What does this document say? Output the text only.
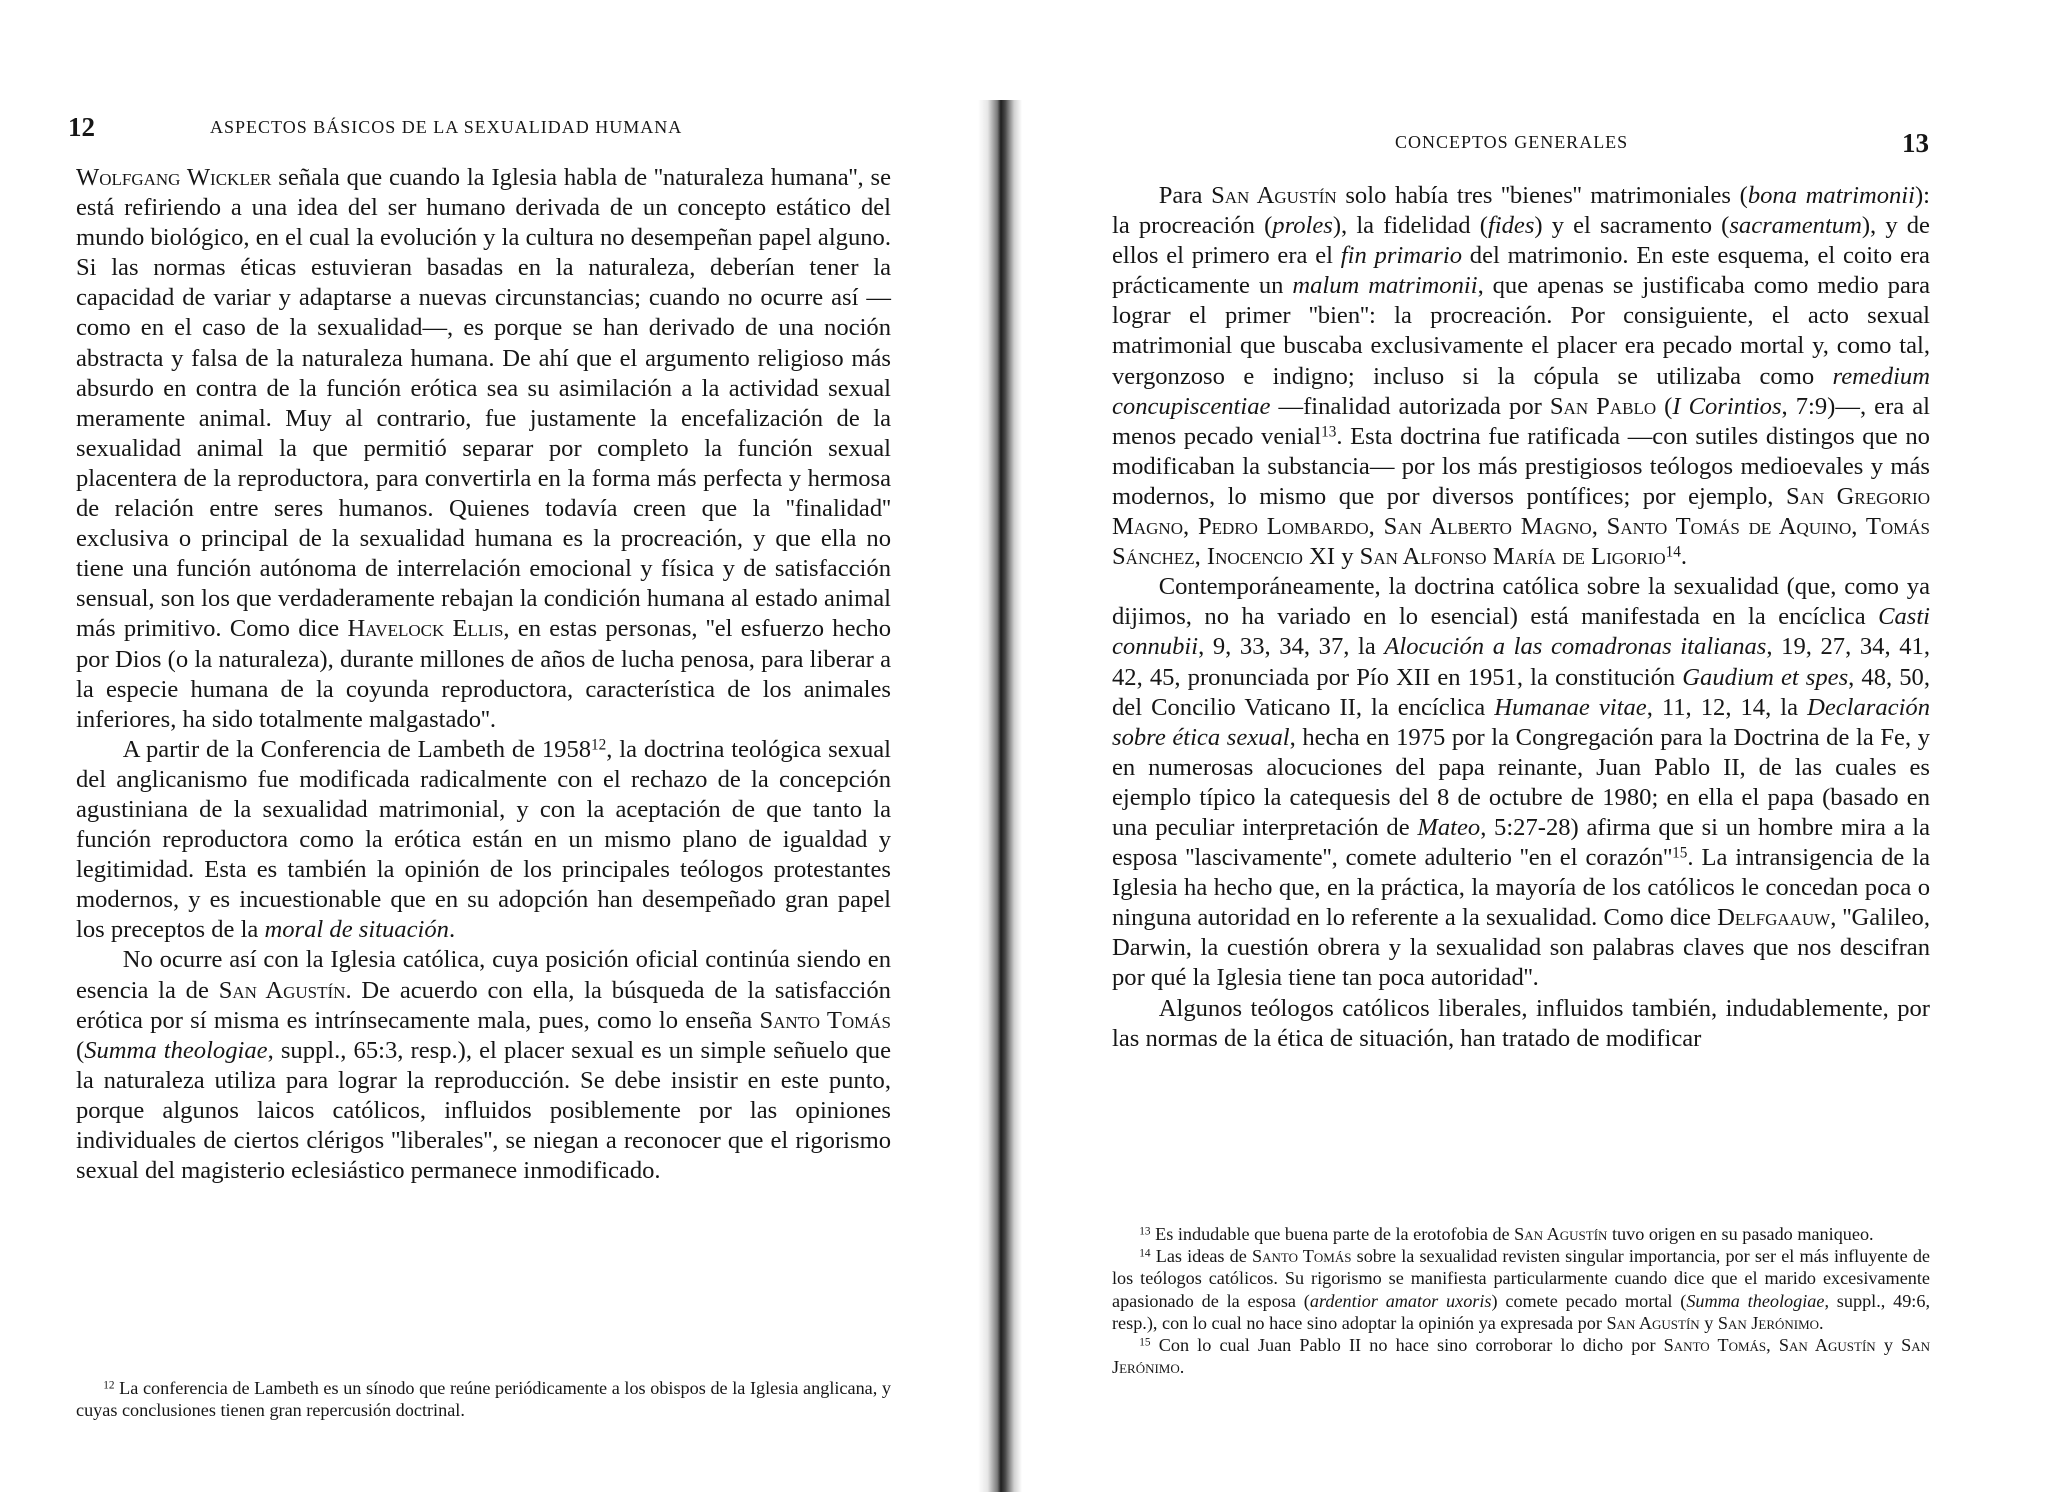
12	ASPECTOS BÁSICOS DE LA SEXUALIDAD HUMANA

Wolfgang Wickler señala que cuando la Iglesia habla de ''naturaleza humana'', se está refiriendo a una idea del ser humano derivada de un concepto estático del mundo biológico, en el cual la evolución y la cultura no desempeñan papel alguno. Si las normas éticas estuvieran basadas en la naturaleza, deberían tener la capacidad de variar y adaptarse a nuevas circunstancias; cuando no ocurre así —como en el caso de la sexualidad—, es porque se han derivado de una noción abstracta y falsa de la naturaleza humana. De ahí que el argumento religioso más absurdo en contra de la función erótica sea su asimilación a la actividad sexual meramente animal. Muy al contrario, fue justamente la encefalización de la sexualidad animal la que permitió separar por completo la función sexual placentera de la reproductora, para convertirla en la forma más perfecta y hermosa de relación entre seres humanos. Quienes todavía creen que la ''finalidad'' exclusiva o principal de la sexualidad humana es la procreación, y que ella no tiene una función autónoma de interrelación emocional y física y de satisfacción sensual, son los que verdaderamente rebajan la condición humana al estado animal más primitivo. Como dice Havelock Ellis, en estas personas, ''el esfuerzo hecho por Dios (o la naturaleza), durante millones de años de lucha penosa, para liberar a la especie humana de la coyunda reproductora, característica de los animales inferiores, ha sido totalmente malgastado''.

A partir de la Conferencia de Lambeth de 1958$^{12}$, la doctrina teológica sexual del anglicanismo fue modificada radicalmente con el rechazo de la concepción agustiniana de la sexualidad matrimonial, y con la aceptación de que tanto la función reproductora como la erótica están en un mismo plano de igualdad y legitimidad. Esta es también la opinión de los principales teólogos protestantes modernos, y es incuestionable que en su adopción han desempeñado gran papel los preceptos de la moral de situación.

No ocurre así con la Iglesia católica, cuya posición oficial continúa siendo en esencia la de San Agustín. De acuerdo con ella, la búsqueda de la satisfacción erótica por sí misma es intrínsecamente mala, pues, como lo enseña Santo Tomás (Summa theologiae, suppl., 65:3, resp.), el placer sexual es un simple señuelo que la naturaleza utiliza para lograr la reproducción. Se debe insistir en este punto, porque algunos laicos católicos, influidos posiblemente por las opiniones individuales de ciertos clérigos ''liberales'', se niegan a reconocer que el rigorismo sexual del magisterio eclesiástico permanece inmodificado.

$^{12}$ La conferencia de Lambeth es un sínodo que reúne periódicamente a los obispos de la Iglesia anglicana, y cuyas conclusiones tienen gran repercusión doctrinal.

CONCEPTOS GENERALES	13

Para San Agustín solo había tres ''bienes'' matrimoniales (bona matrimonii): la procreación (proles), la fidelidad (fides) y el sacramento (sacramentum), y de ellos el primero era el fin primario del matrimonio. En este esquema, el coito era prácticamente un malum matrimonii, que apenas se justificaba como medio para lograr el primer ''bien'': la procreación. Por consiguiente, el acto sexual matrimonial que buscaba exclusivamente el placer era pecado mortal y, como tal, vergonzoso e indigno; incluso si la cópula se utilizaba como remedium concupiscentiae —finalidad autorizada por San Pablo (I Corintios, 7:9)—, era al menos pecado venial$^{13}$. Esta doctrina fue ratificada —con sutiles distingos que no modificaban la substancia— por los más prestigiosos teólogos medioevales y más modernos, lo mismo que por diversos pontífices; por ejemplo, San Gregorio Magno, Pedro Lombardo, San Alberto Magno, Santo Tomás de Aquino, Tomás Sánchez, Inocencio XI y San Alfonso María de Ligorio$^{14}$.

Contemporáneamente, la doctrina católica sobre la sexualidad (que, como ya dijimos, no ha variado en lo esencial) está manifestada en la encíclica Casti connubii, 9, 33, 34, 37, la Alocución a las comadronas italianas, 19, 27, 34, 41, 42, 45, pronunciada por Pío XII en 1951, la constitución Gaudium et spes, 48, 50, del Concilio Vaticano II, la encíclica Humanae vitae, 11, 12, 14, la Declaración sobre ética sexual, hecha en 1975 por la Congregación para la Doctrina de la Fe, y en numerosas alocuciones del papa reinante, Juan Pablo II, de las cuales es ejemplo típico la catequesis del 8 de octubre de 1980; en ella el papa (basado en una peculiar interpretación de Mateo, 5:27-28) afirma que si un hombre mira a la esposa ''lascivamente'', comete adulterio ''en el $corazón''^{15}$. La intransigencia de la Iglesia ha hecho que, en la práctica, la mayoría de los católicos le concedan poca o ninguna autoridad en lo referente a la sexualidad. Como dice Delfgaauw, ''Galileo, Darwin, la cuestión obrera y la sexualidad son palabras claves que nos descifran por qué la Iglesia tiene tan poca autoridad''.

Algunos teólogos católicos liberales, influidos también, indudablemente, por las normas de la ética de situación, han tratado de modificar

$^{13}$ Es indudable que buena parte de la erotofobia de San Agustín tuvo origen en su pasado maniqueo.

$^{14}$ Las ideas de Santo Tomás sobre la sexualidad revisten singular importancia, por ser el más influyente de los teólogos católicos. Su rigorismo se manifiesta particularmente cuando dice que el marido excesivamente apasionado de la esposa (ardentior amator uxoris) comete pecado mortal (Summa theologiae, suppl., 49:6, resp.), con lo cual no hace sino adoptar la opinión ya expresada por San Agustín y San Jerónimo.

$^{15}$ Con lo cual Juan Pablo II no hace sino corroborar lo dicho por Santo Tomás, San Agustín y San Jerónimo.
